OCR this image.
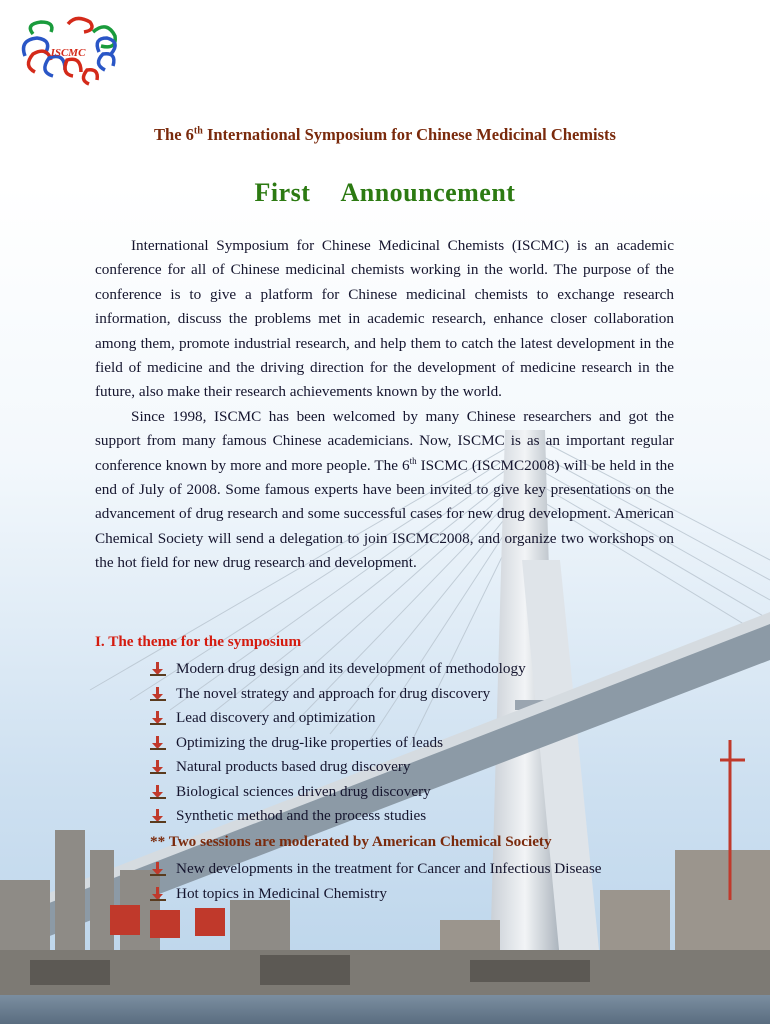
ISCMC
The 6th International Symposium for Chinese Medicinal Chemists
First Announcement

International Symposium for Chinese Medicinal Chemists (ISCMC) is an academic conference for all of Chinese medicinal chemists working in the world. The purpose of the conference is to give a platform for Chinese medicinal chemists to exchange research information, discuss the problems met in academic research, enhance closer collaboration among them, promote industrial research, and help them to catch the latest development in the field of medicine and the driving direction for the development of medicine research in the future, also make their research achievements known by the world.

Since 1998, ISCMC has been welcomed by many Chinese researchers and got the support from many famous Chinese academicians. Now, ISCMC is as an important regular conference known by more and more people. The 6th ISCMC (ISCMC2008) will be held in the end of July of 2008. Some famous experts have been invited to give key presentations on the advancement of drug research and some successful cases for new drug development. American Chemical Society will send a delegation to join ISCMC2008, and organize two workshops on the hot field for new drug research and development.

I. The theme for the symposium
Modern drug design and its development of methodology
The novel strategy and approach for drug discovery
Lead discovery and optimization
Optimizing the drug-like properties of leads
Natural products based drug discovery
Biological sciences driven drug discovery
Synthetic method and the process studies
** Two sessions are moderated by American Chemical Society
New developments in the treatment for Cancer and Infectious Disease
Hot topics in Medicinal Chemistry
